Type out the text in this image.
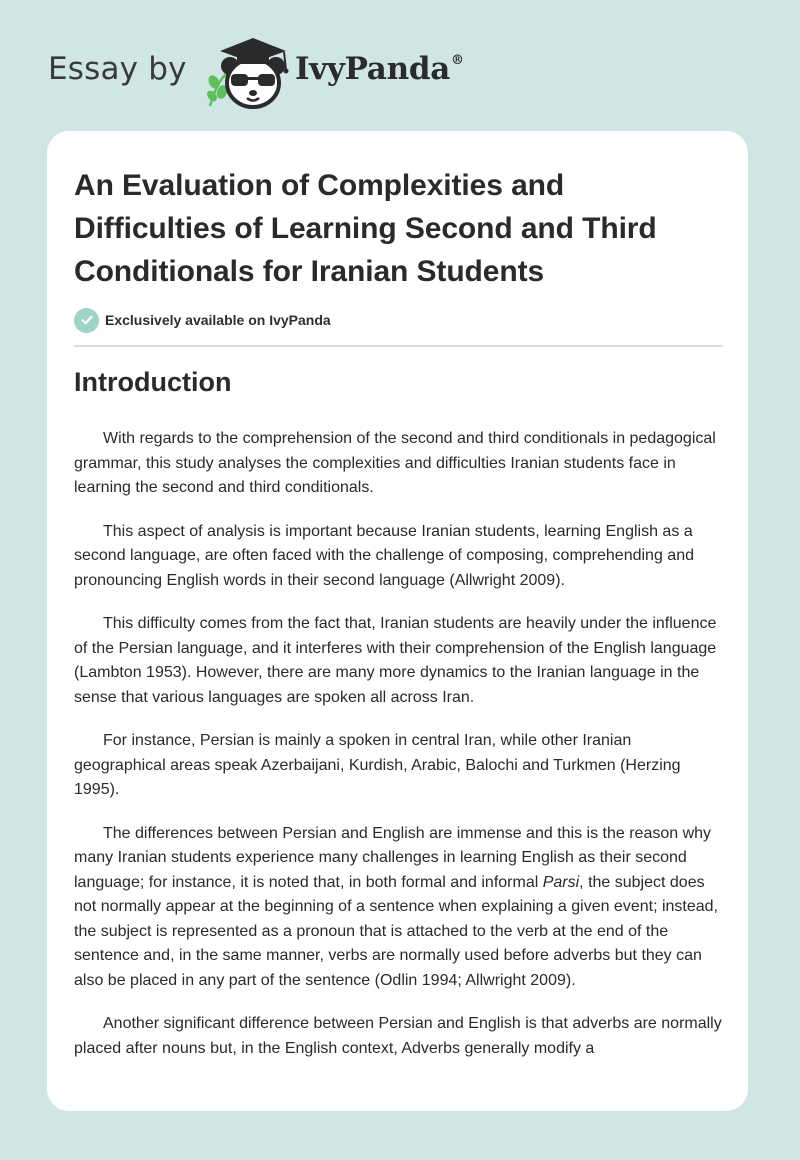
Essay by	IvyPanda®
An Evaluation of Complexities and Difficulties of Learning Second and Third Conditionals for Iranian Students
Exclusively available on IvyPanda
Introduction

With regards to the comprehension of the second and third conditionals in pedagogical grammar, this study analyses the complexities and difficulties Iranian students face in learning the second and third conditionals.

This aspect of analysis is important because Iranian students, learning English as a second language, are often faced with the challenge of composing, comprehending and pronouncing English words in their second language (Allwright 2009).

This difficulty comes from the fact that, Iranian students are heavily under the influence of the Persian language, and it interferes with their comprehension of the English language (Lambton 1953). However, there are many more dynamics to the Iranian language in the sense that various languages are spoken all across Iran.

For instance, Persian is mainly a spoken in central Iran, while other Iranian geographical areas speak Azerbaijani, Kurdish, Arabic, Balochi and Turkmen (Herzing 1995).

The differences between Persian and English are immense and this is the reason why many Iranian students experience many challenges in learning English as their second language; for instance, it is noted that, in both formal and informal Parsi, the subject does not normally appear at the beginning of a sentence when explaining a given event; instead, the subject is represented as a pronoun that is attached to the verb at the end of the sentence and, in the same manner, verbs are normally used before adverbs but they can also be placed in any part of the sentence (Odlin 1994; Allwright 2009).

Another significant difference between Persian and English is that adverbs are normally placed after nouns but, in the English context, Adverbs generally modify a
